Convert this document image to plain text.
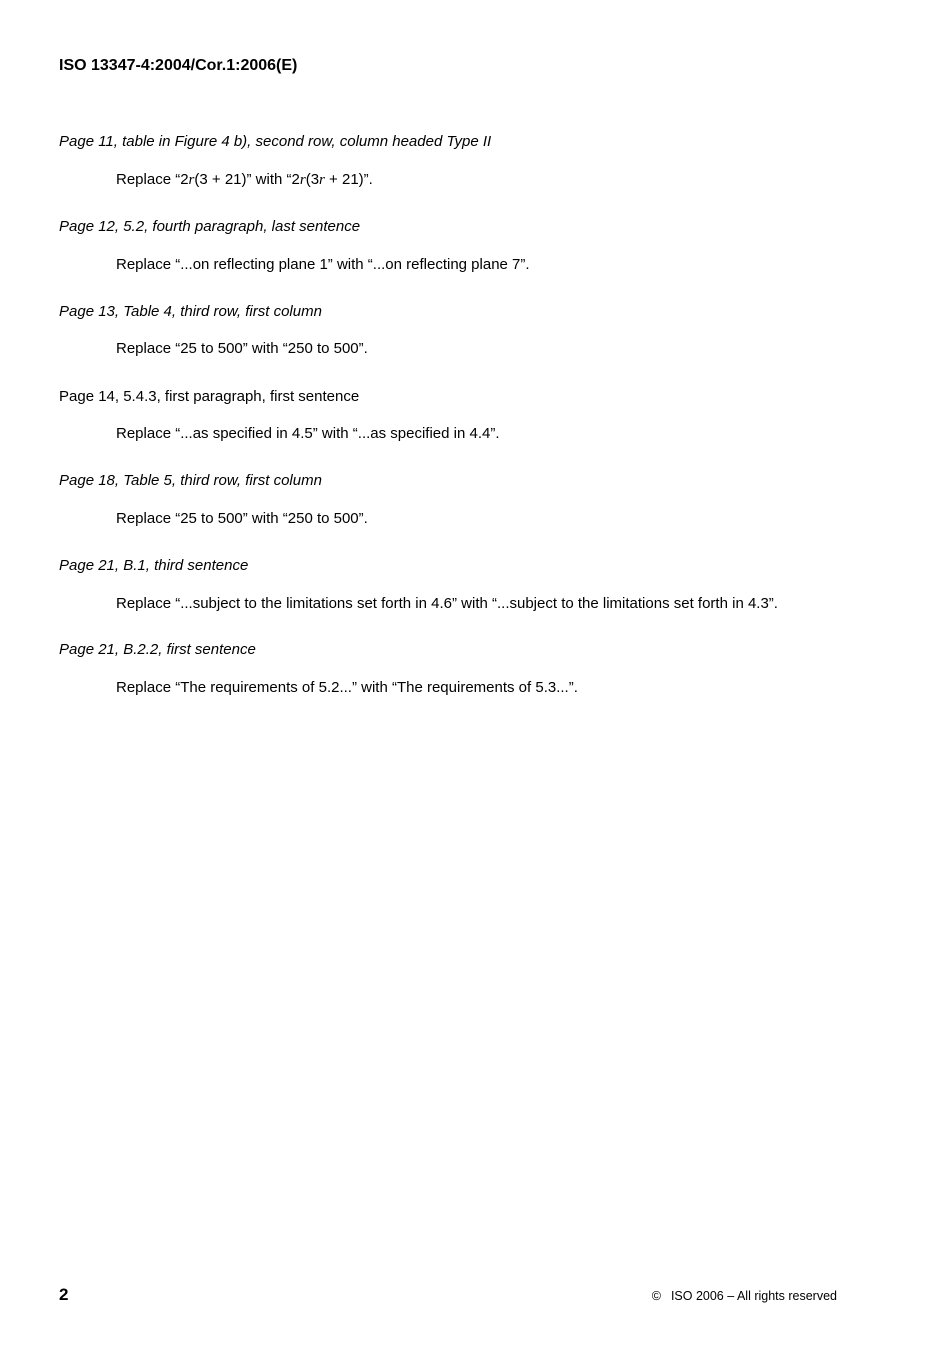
ISO 13347-4:2004/Cor.1:2006(E)
Page 11, table in Figure 4 b), second row, column headed Type II
Replace “2r(3 + 21)” with “2r(3r + 21)”.
Page 12, 5.2, fourth paragraph, last sentence
Replace “...on reflecting plane 1” with “...on reflecting plane 7”.
Page 13, Table 4, third row, first column
Replace “25 to 500” with “250 to 500”.
Page 14, 5.4.3, first paragraph, first sentence
Replace “...as specified in 4.5” with “...as specified in 4.4”.
Page 18, Table 5, third row, first column
Replace “25 to 500” with “250 to 500”.
Page 21, B.1, third sentence
Replace “...subject to the limitations set forth in 4.6” with “...subject to the limitations set forth in 4.3”.
Page 21, B.2.2, first sentence
Replace “The requirements of 5.2...” with “The requirements of 5.3...”.
2	© ISO 2006 – All rights reserved
